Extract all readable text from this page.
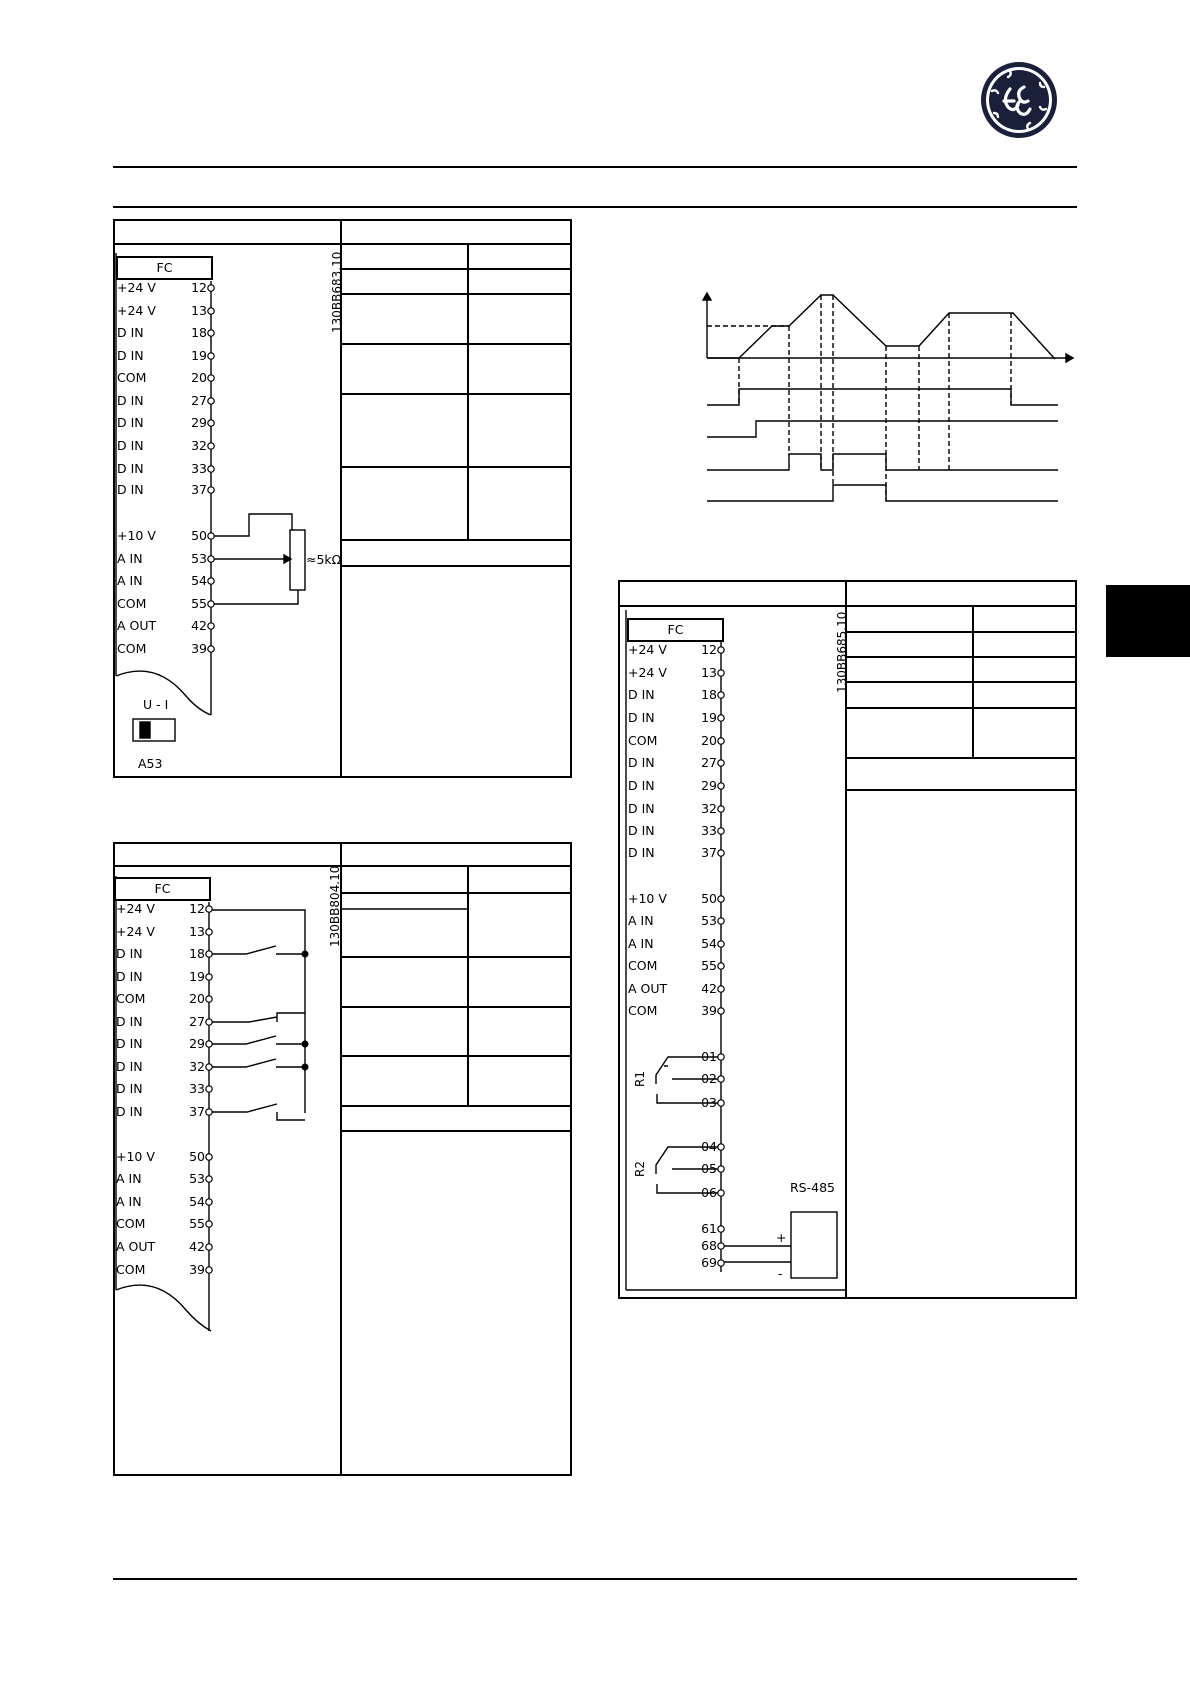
FC	130BB683.10
+24 V	12
+24 V	13
D IN	18
D IN	19
COM	20
D IN	27
D IN	29
D IN	32
D IN	33
D IN	37
+10 V	50
A IN	53
A IN	54
COM	55
A OUT	42
COM	39
≈5kΩ
U - I
A53
FC	130BB804.10
+24 V	12
+24 V	13
D IN	18
D IN	19
COM	20
D IN	27
D IN	29
D IN	32
D IN	33
D IN	37
+10 V	50
A IN	53
A IN	54
COM	55
A OUT	42
COM	39
FC	130BB685.10
+24 V	12
+24 V	13
D IN	18
D IN	19
COM	20
D IN	27
D IN	29
D IN	32
D IN	33
D IN	37
+10 V	50
A IN	53
A IN	54
COM	55
A OUT	42
COM	39
R1
01
02
03
R2
04
05
06
61
68
69
RS-485
+
-
